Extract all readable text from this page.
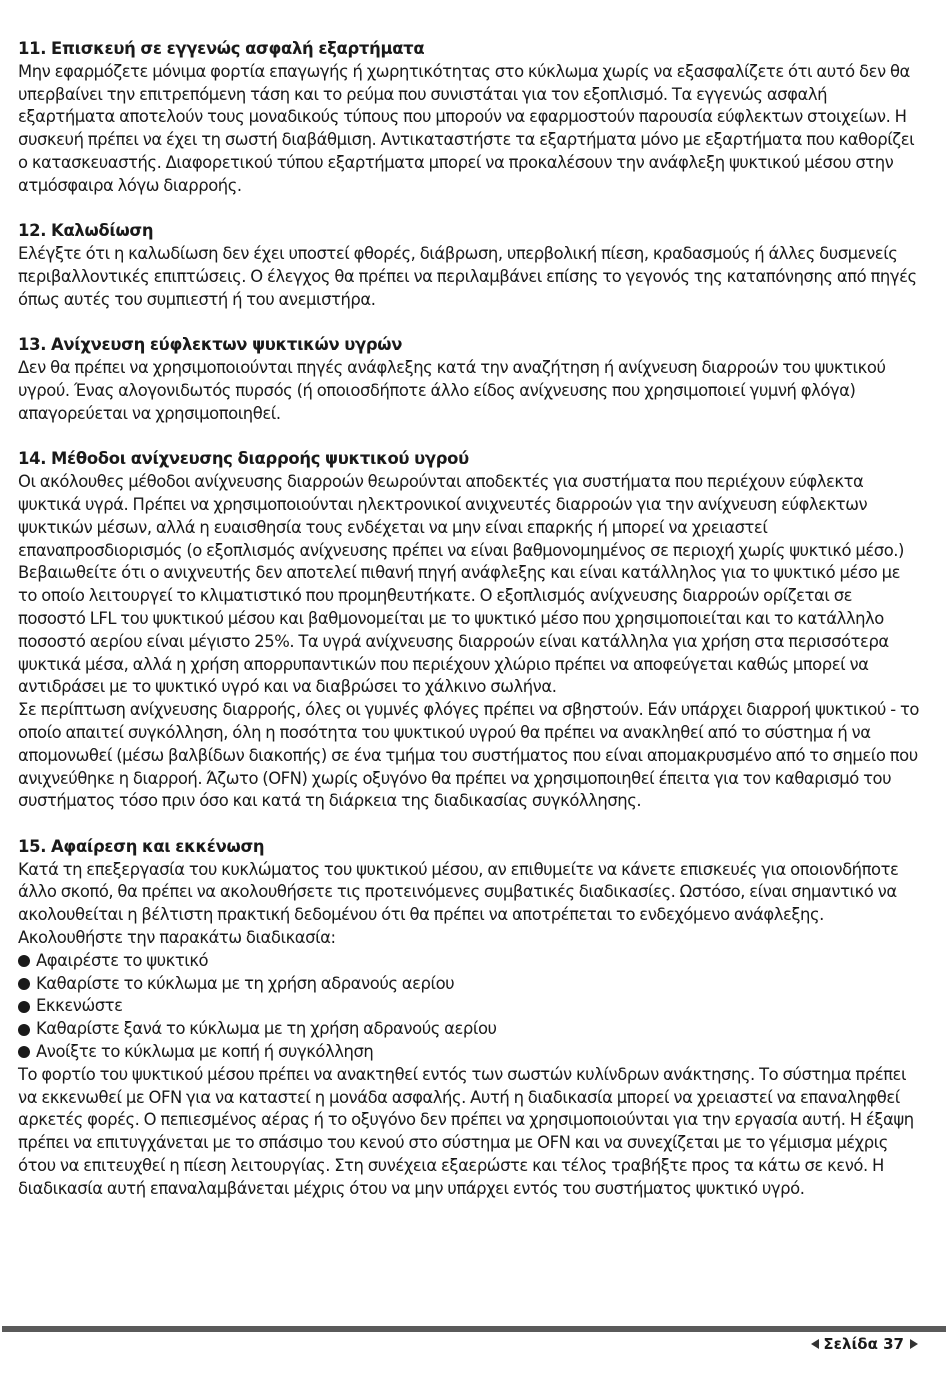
11. Επισκευή σε εγγενώς ασφαλή εξαρτήματα

Μην εφαρμόζετε μόνιμα φορτία επαγωγής ή χωρητικότητας στο κύκλωμα χωρίς να εξασφαλίζετε ότι αυτό δεν θα υπερβαίνει την επιτρεπόμενη τάση και το ρεύμα που συνιστάται για τον εξοπλισμό. Τα εγγενώς ασφαλή εξαρτήματα αποτελούν τους μοναδικούς τύπους που μπορούν να εφαρμοστούν παρουσία εύφλεκτων στοιχείων. Η συσκευή πρέπει να έχει τη σωστή διαβάθμιση. Αντικαταστήστε τα εξαρτήματα μόνο με εξαρτήματα που καθορίζει ο κατασκευαστής. Διαφορετικού τύπου εξαρτήματα μπορεί να προκαλέσουν την ανάφλεξη ψυκτικού μέσου στην ατμόσφαιρα λόγω διαρροής.

12. Καλωδίωση

Ελέγξτε ότι η καλωδίωση δεν έχει υποστεί φθορές, διάβρωση, υπερβολική πίεση, κραδασμούς ή άλλες δυσμενείς περιβαλλοντικές επιπτώσεις. Ο έλεγχος θα πρέπει να περιλαμβάνει επίσης το γεγονός της καταπόνησης από πηγές όπως αυτές του συμπιεστή ή του ανεμιστήρα.

13. Ανίχνευση εύφλεκτων ψυκτικών υγρών

Δεν θα πρέπει να χρησιμοποιούνται πηγές ανάφλεξης κατά την αναζήτηση ή ανίχνευση διαρροών του ψυκτικού υγρού. Ένας αλογονιδωτός πυρσός (ή οποιοσδήποτε άλλο είδος ανίχνευσης που χρησιμοποιεί γυμνή φλόγα) απαγορεύεται να χρησιμοποιηθεί.

14. Μέθοδοι ανίχνευσης διαρροής ψυκτικού υγρού

Οι ακόλουθες μέθοδοι ανίχνευσης διαρροών θεωρούνται αποδεκτές για συστήματα που περιέχουν εύφλεκτα ψυκτικά υγρά. Πρέπει να χρησιμοποιούνται ηλεκτρονικοί ανιχνευτές διαρροών για την ανίχνευση εύφλεκτων ψυκτικών μέσων, αλλά η ευαισθησία τους ενδέχεται να μην είναι επαρκής ή μπορεί να χρειαστεί επαναπροσδιορισμός (ο εξοπλισμός ανίχνευσης πρέπει να είναι βαθμονομημένος σε περιοχή χωρίς ψυκτικό μέσο.) Βεβαιωθείτε ότι ο ανιχνευτής δεν αποτελεί πιθανή πηγή ανάφλεξης και είναι κατάλληλος για το ψυκτικό μέσο με το οποίο λειτουργεί το κλιματιστικό που προμηθευτήκατε. Ο εξοπλισμός ανίχνευσης διαρροών ορίζεται σε ποσοστό LFL του ψυκτικού μέσου και βαθμονομείται με το ψυκτικό μέσο που χρησιμοποιείται και το κατάλληλο ποσοστό αερίου είναι μέγιστο 25%. Τα υγρά ανίχνευσης διαρροών είναι κατάλληλα για χρήση στα περισσότερα ψυκτικά μέσα, αλλά η χρήση απορρυπαντικών που περιέχουν χλώριο πρέπει να αποφεύγεται καθώς μπορεί να αντιδράσει με το ψυκτικό υγρό και να διαβρώσει το χάλκινο σωλήνα.

Σε περίπτωση ανίχνευσης διαρροής, όλες οι γυμνές φλόγες πρέπει να σβηστούν. Εάν υπάρχει διαρροή ψυκτικού - το οποίο απαιτεί συγκόλληση, όλη η ποσότητα του ψυκτικού υγρού θα πρέπει να ανακληθεί από το σύστημα ή να απομονωθεί (μέσω βαλβίδων διακοπής) σε ένα τμήμα του συστήματος που είναι απομακρυσμένο από το σημείο που ανιχνεύθηκε η διαρροή. Άζωτο (OFN) χωρίς οξυγόνο θα πρέπει να χρησιμοποιηθεί έπειτα για τον καθαρισμό του συστήματος τόσο πριν όσο και κατά τη διάρκεια της διαδικασίας συγκόλλησης.

15. Αφαίρεση και εκκένωση

Κατά τη επεξεργασία του κυκλώματος του ψυκτικού μέσου, αν επιθυμείτε να κάνετε επισκευές για οποιονδήποτε άλλο σκοπό, θα πρέπει να ακολουθήσετε τις προτεινόμενες συμβατικές διαδικασίες. Ωστόσο, είναι σημαντικό να ακολουθείται η βέλτιστη πρακτική δεδομένου ότι θα πρέπει να αποτρέπεται το ενδεχόμενο ανάφλεξης. Ακολουθήστε την παρακάτω διαδικασία:

Αφαιρέστε το ψυκτικό
Καθαρίστε το κύκλωμα με τη χρήση αδρανούς αερίου
Εκκενώστε
Καθαρίστε ξανά το κύκλωμα με τη χρήση αδρανούς αερίου
Ανοίξτε το κύκλωμα με κοπή ή συγκόλληση

Το φορτίο του ψυκτικού μέσου πρέπει να ανακτηθεί εντός των σωστών κυλίνδρων ανάκτησης. Το σύστημα πρέπει να εκκενωθεί με OFN για να καταστεί η μονάδα ασφαλής. Αυτή η διαδικασία μπορεί να χρειαστεί να επαναληφθεί αρκετές φορές. Ο πεπιεσμένος αέρας ή το οξυγόνο δεν πρέπει να χρησιμοποιούνται για την εργασία αυτή. Η έξαψη πρέπει να επιτυγχάνεται με το σπάσιμο του κενού στο σύστημα με OFN και να συνεχίζεται με το γέμισμα μέχρις ότου να επιτευχθεί η πίεση λειτουργίας. Στη συνέχεια εξαερώστε και τέλος τραβήξτε προς τα κάτω σε κενό. Η διαδικασία αυτή επαναλαμβάνεται μέχρις ότου να μην υπάρχει εντός του συστήματος ψυκτικό υγρό.

Σελίδα 37
